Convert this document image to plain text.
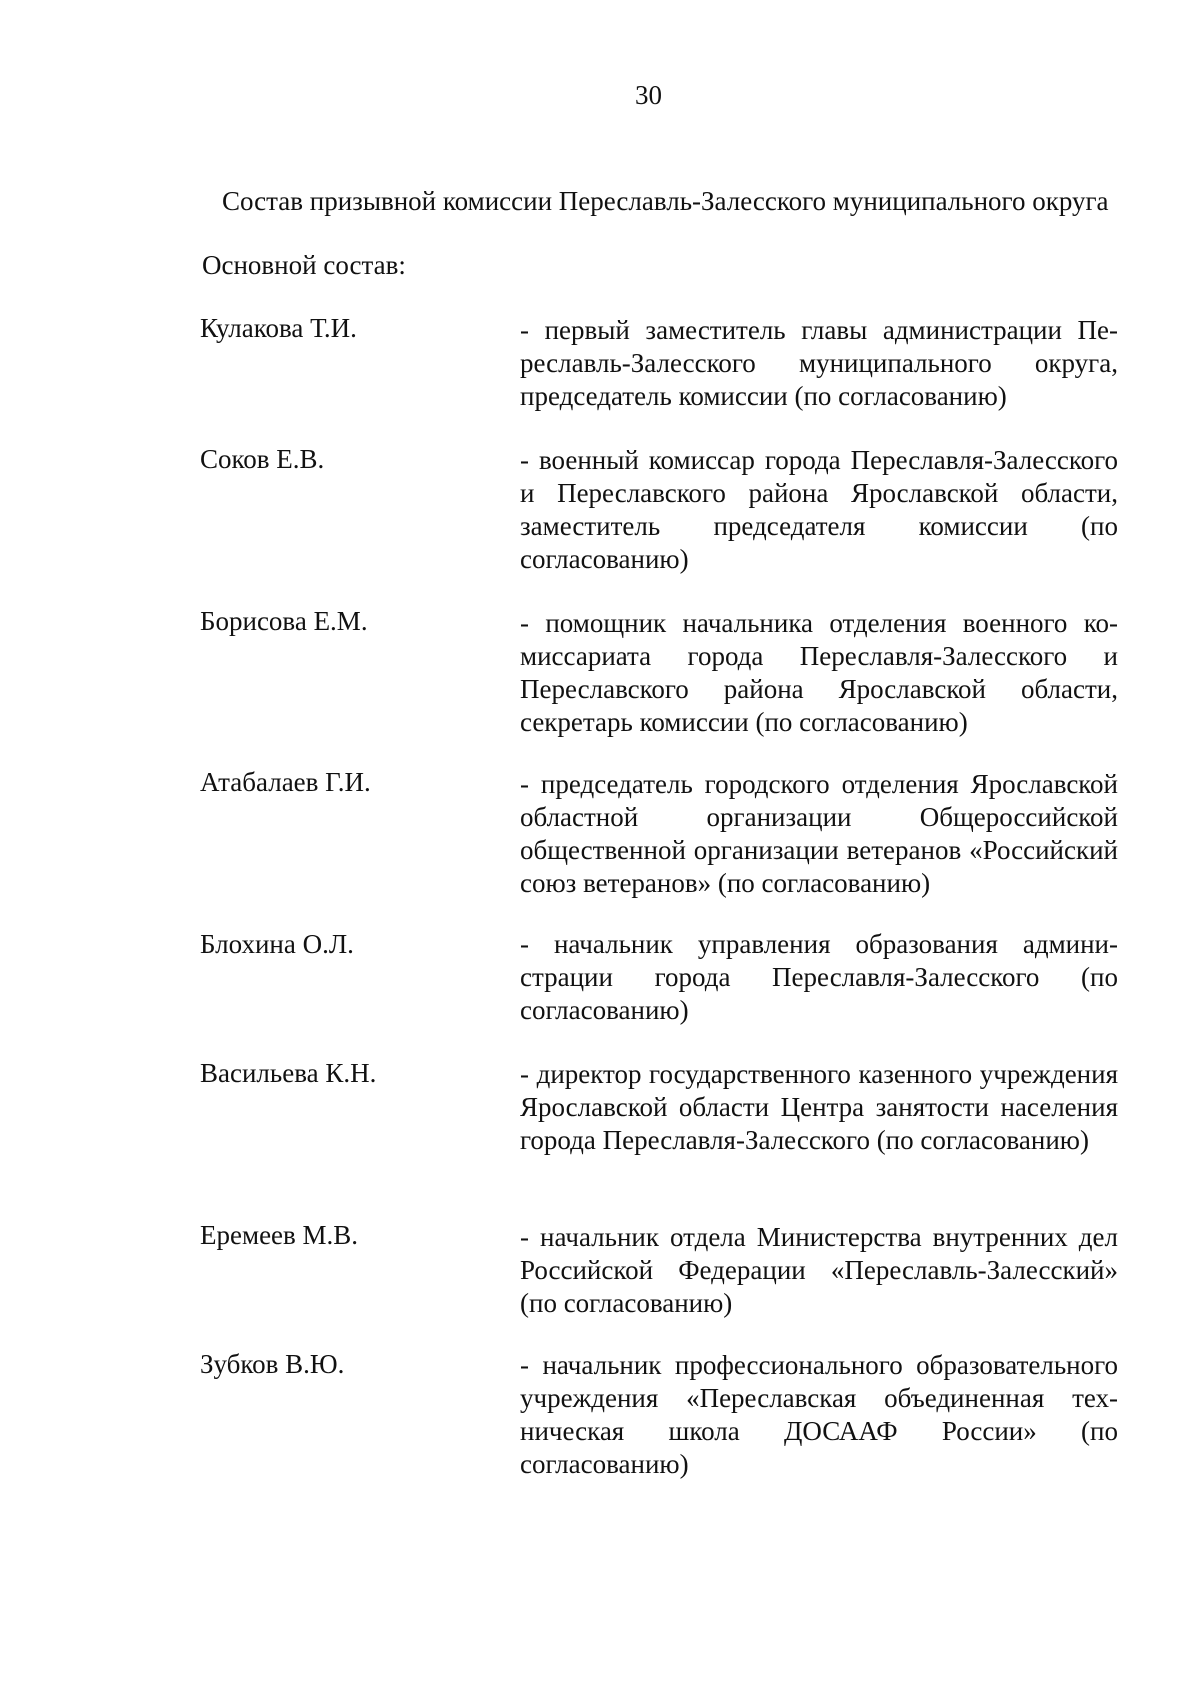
30
Состав призывной комиссии Переславль-Залесского муниципального округа
Основной состав:
Кулакова Т.И.	- первый заместитель главы администрации Переславль-Залесского муниципального округа, председатель комиссии (по согласованию)
Соков Е.В.	- военный комиссар города Переславля-Залесского и Переславского района Ярославской области, заместитель председателя комиссии (по согласованию)
Борисова Е.М.	- помощник начальника отделения военного комиссариата города Переславля-Залесского и Переславского района Ярославской области, секретарь комиссии (по согласованию)
Атабалаев Г.И.	- председатель городского отделения Ярославской областной организации Общероссийской общественной организации ветеранов «Российский союз ветеранов» (по согласованию)
Блохина О.Л.	- начальник управления образования администрации города Переславля-Залесского (по согласованию)
Васильева К.Н.	- директор государственного казенного учреждения Ярославской области Центра занятости населения города Переславля-Залесского (по согласованию)
Еремеев М.В.	- начальник отдела Министерства внутренних дел Российской Федерации «Переславль-Залесский» (по согласованию)
Зубков В.Ю.	- начальник профессионального образовательного учреждения «Переславская объединенная техническая школа ДОСААФ России» (по согласованию)
